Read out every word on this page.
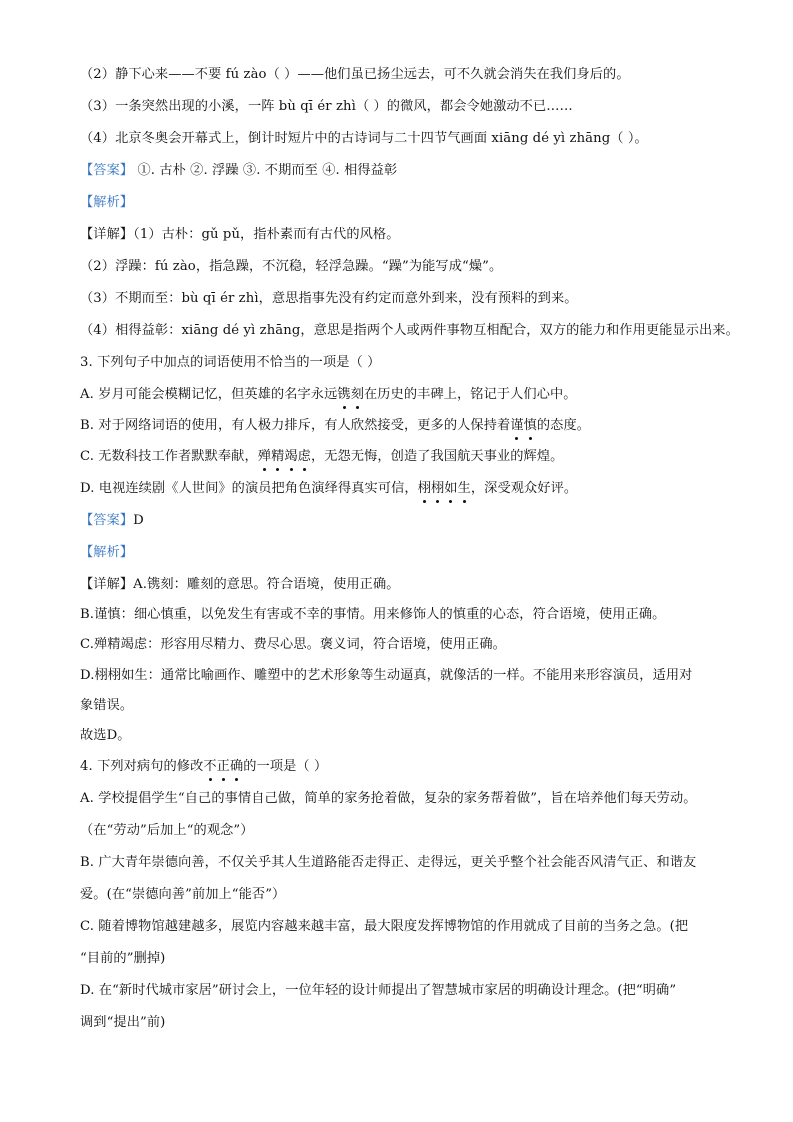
（2）静下心来——不要 fú zào（ ）——他们虽已扬尘远去，可不久就会消失在我们身后的。
（3）一条突然出现的小溪，一阵 bù qī ér zhì（ ）的微风，都会令她激动不已……
（4）北京冬奥会开幕式上，倒计时短片中的古诗词与二十四节气画面 xiāng dé yì zhāng（ ）。
【答案】 ①. 古朴 ②. 浮躁 ③. 不期而至 ④. 相得益彰
【解析】
【详解】（1）古朴：gǔ pǔ，指朴素而有古代的风格。
（2）浮躁：fú zào，指急躁，不沉稳，轻浮急躁。“躁”为能写成“燥”。
（3）不期而至：bù qī ér zhì，意思指事先没有约定而意外到来，没有预料的到来。
（4）相得益彰：xiāng dé yì zhāng，意思是指两个人或两件事物互相配合，双方的能力和作用更能显示出来。
3. 下列句子中加点的词语使用不恰当的一项是（ ）
A. 岁月可能会模糊记忆，但英雄的名字永远镌刻在历史的丰碑上，铭记于人们心中。
B. 对于网络词语的使用，有人极力排斥，有人欣然接受，更多的人保持着谨慎的态度。
C. 无数科技工作者默默奉献，殚精竭虑，无怨无悔，创造了我国航天事业的辉煌。
D. 电视连续剧《人世间》的演员把角色演绎得真实可信，栩栩如生，深受观众好评。
【答案】D
【解析】
【详解】A.镌刻：雕刻的意思。符合语境，使用正确。
B.谨慎：细心慎重，以免发生有害或不幸的事情。用来修饰人的慎重的心态，符合语境，使用正确。
C.殚精竭虑：形容用尽精力、费尽心思。褒义词，符合语境，使用正确。
D.栩栩如生：通常比喻画作、雕塑中的艺术形象等生动逼真，就像活的一样。不能用来形容演员，适用对
象错误。
故选D。
4. 下列对病句的修改不正确的一项是（ ）
A. 学校提倡学生“自己的事情自己做，简单的家务抢着做，复杂的家务帮着做”，旨在培养他们每天劳动。
（在“劳动”后加上“的观念”）
B. 广大青年崇德向善，不仅关乎其人生道路能否走得正、走得远，更关乎整个社会能否风清气正、和谐友
爱。(在“崇德向善”前加上“能否”）
C. 随着博物馆越建越多，展览内容越来越丰富，最大限度发挥博物馆的作用就成了目前的当务之急。(把
“目前的”删掉)
D. 在“新时代城市家居”研讨会上，一位年轻的设计师提出了智慧城市家居的明确设计理念。(把“明确”
调到“提出”前)
